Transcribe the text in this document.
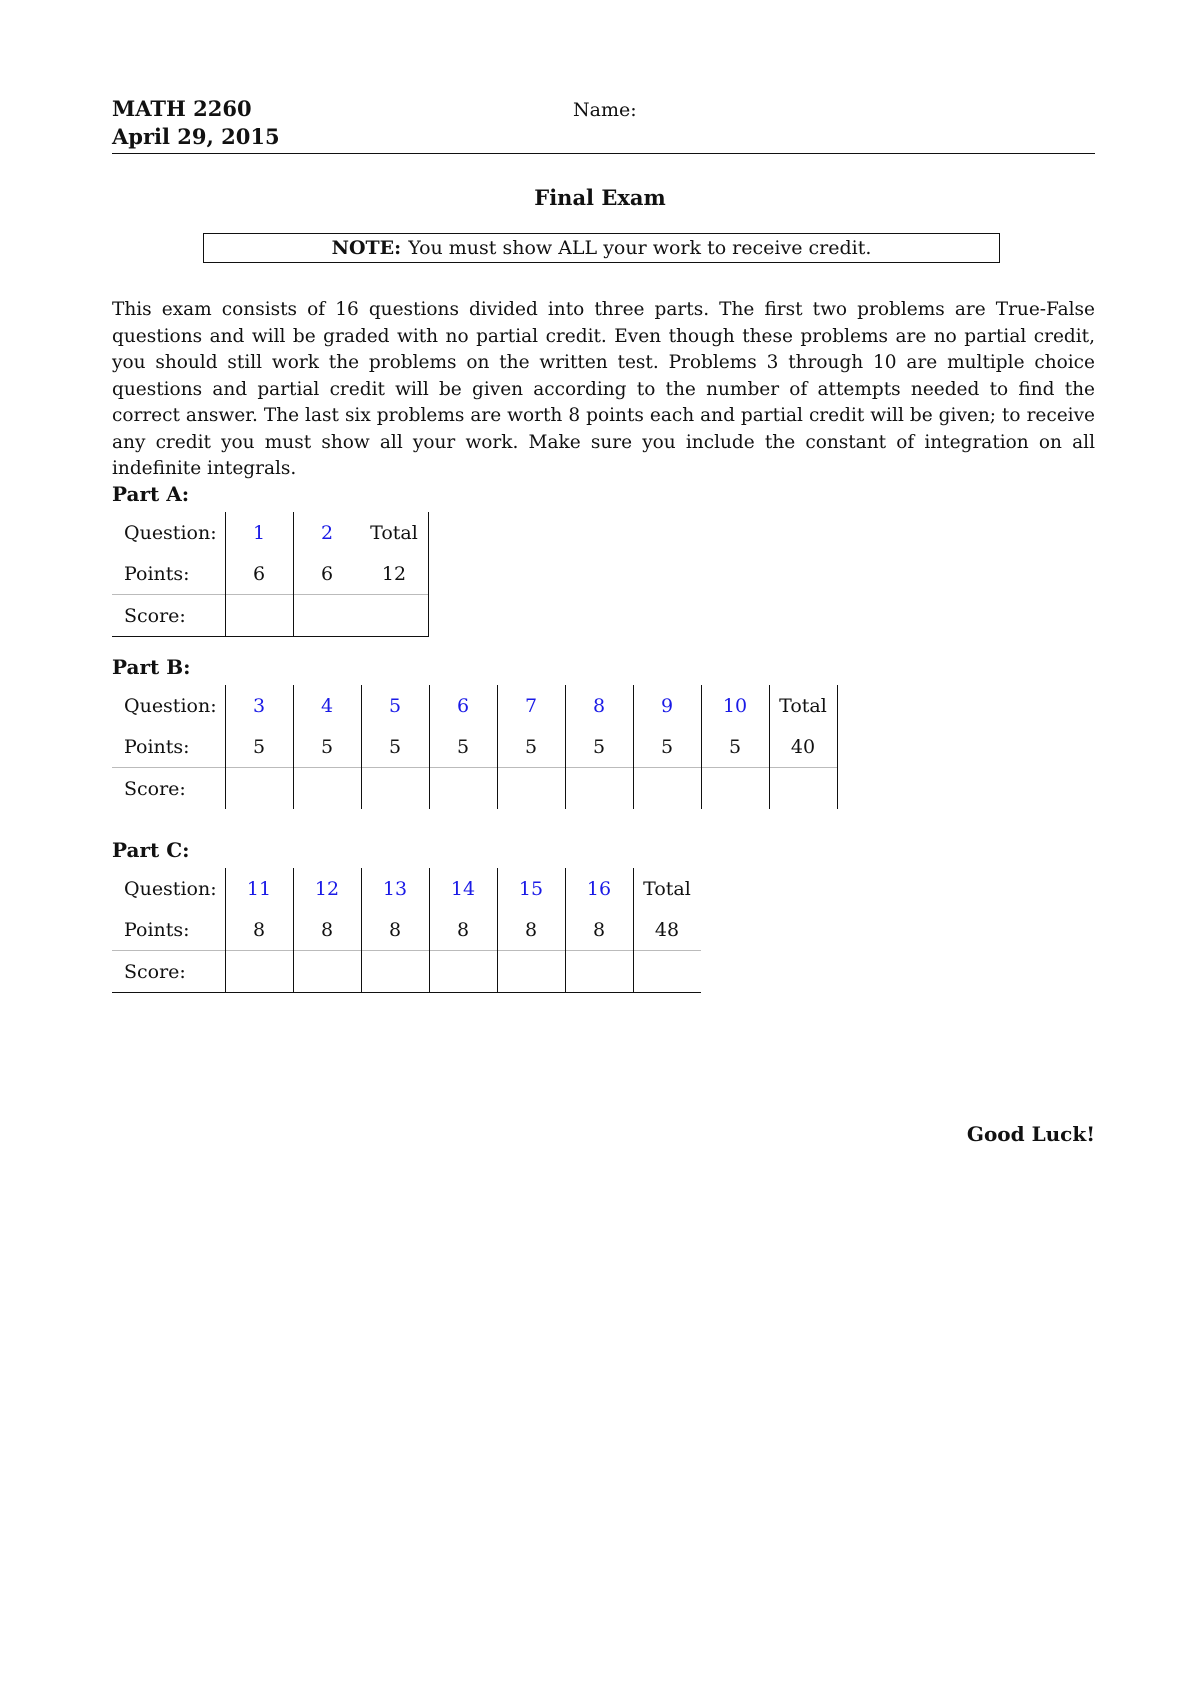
MATH 2260
April 29, 2015
Name:
Final Exam
NOTE: You must show ALL your work to receive credit.
This exam consists of 16 questions divided into three parts. The first two problems are True-False questions and will be graded with no partial credit. Even though these problems are no partial credit, you should still work the problems on the written test. Problems 3 through 10 are multiple choice questions and partial credit will be given according to the number of attempts needed to find the correct answer. The last six problems are worth 8 points each and partial credit will be given; to receive any credit you must show all your work. Make sure you include the constant of integration on all indefinite integrals.
Part A:
Question:	1	2	Total
Points:	6	6	12
Score:			
Part B:
Question:	3	4	5	6	7	8	9	10	Total
Points:	5	5	5	5	5	5	5	5	40
Score:									
Part C:
Question:	11	12	13	14	15	16	Total
Points:	8	8	8	8	8	8	48
Score:							
Good Luck!
